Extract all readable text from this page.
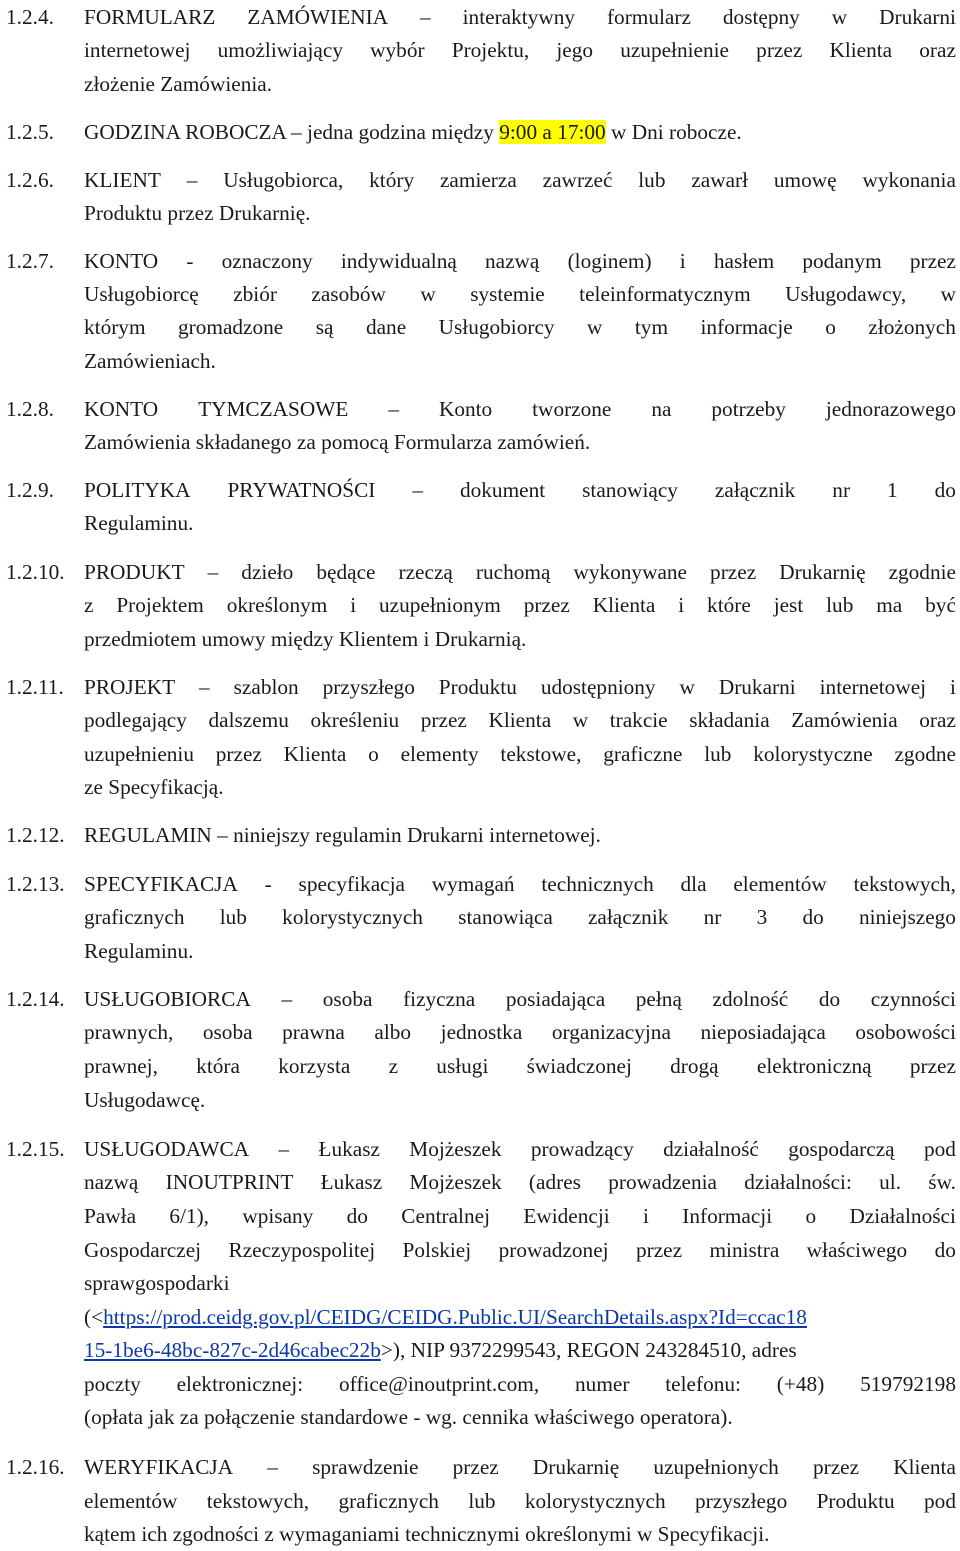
1.2.4. FORMULARZ ZAMÓWIENIA – interaktywny formularz dostępny w Drukarni
internetowej umożliwiający wybór Projektu, jego uzupełnienie przez Klienta oraz
złożenie Zamówienia.
1.2.5. GODZINA ROBOCZA – jedna godzina między 9:00 a 17:00 w Dni robocze.
1.2.6. KLIENT – Usługobiorca, który zamierza zawrzeć lub zawarł umowę wykonania
Produktu przez Drukarnię.
1.2.7. KONTO - oznaczony indywidualną nazwą (loginem) i hasłem podanym przez
Usługobiorcę zbiór zasobów w systemie teleinformatycznym Usługodawcy, w
którym gromadzone są dane Usługobiorcy w tym informacje o złożonych
Zamówieniach.
1.2.8. KONTO TYMCZASOWE – Konto tworzone na potrzeby jednorazowego
Zamówienia składanego za pomocą Formularza zamówień.
1.2.9. POLITYKA PRYWATNOŚCI – dokument stanowiący załącznik nr 1 do
Regulaminu.
1.2.10. PRODUKT – dzieło będące rzeczą ruchomą wykonywane przez Drukarnię zgodnie
z Projektem określonym i uzupełnionym przez Klienta i które jest lub ma być
przedmiotem umowy między Klientem i Drukarnią.
1.2.11. PROJEKT – szablon przyszłego Produktu udostępniony w Drukarni internetowej i
podlegający dalszemu określeniu przez Klienta w trakcie składania Zamówienia oraz
uzupełnieniu przez Klienta o elementy tekstowe, graficzne lub kolorystyczne zgodne
ze Specyfikacją.
1.2.12. REGULAMIN – niniejszy regulamin Drukarni internetowej.
1.2.13. SPECYFIKACJA - specyfikacja wymagań technicznych dla elementów tekstowych,
graficznych lub kolorystycznych stanowiąca załącznik nr 3 do niniejszego
Regulaminu.
1.2.14. USŁUGOBIORCA – osoba fizyczna posiadająca pełną zdolność do czynności
prawnych, osoba prawna albo jednostka organizacyjna nieposiadająca osobowości
prawnej, która korzysta z usługi świadczonej drogą elektroniczną przez
Usługodawcę.
1.2.15. USŁUGODAWCA – Łukasz Mojżeszek prowadzący działalność gospodarczą pod
nazwą INOUTPRINT Łukasz Mojżeszek (adres prowadzenia działalności: ul. św.
Pawła 6/1), wpisany do Centralnej Ewidencji i Informacji o Działalności
Gospodarczej Rzeczypospolitej Polskiej prowadzonej przez ministra właściwego do
sprawgospodarki
(<https://prod.ceidg.gov.pl/CEIDG/CEIDG.Public.UI/SearchDetails.aspx?Id=ccac18
15-1be6-48bc-827c-2d46cabec22b>), NIP 9372299543, REGON 243284510, adres
poczty elektronicznej: office@inoutprint.com, numer telefonu: (+48) 519792198
(opłata jak za połączenie standardowe - wg. cennika właściwego operatora).
1.2.16. WERYFIKACJA – sprawdzenie przez Drukarnię uzupełnionych przez Klienta
elementów tekstowych, graficznych lub kolorystycznych przyszłego Produktu pod
kątem ich zgodności z wymaganiami technicznymi określonymi w Specyfikacji.
